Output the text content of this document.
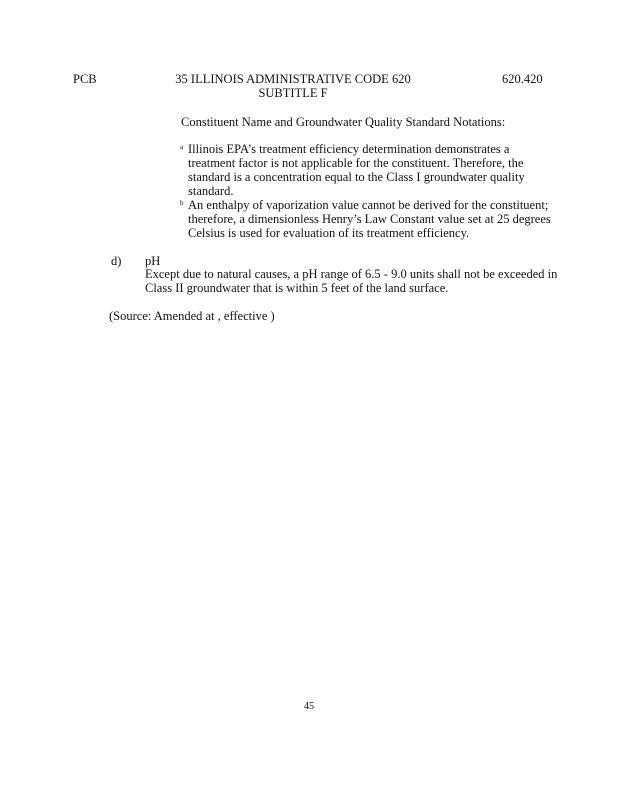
PCB	35 ILLINOIS ADMINISTRATIVE CODE 620
SUBTITLE F
620.420
Constituent Name and Groundwater Quality Standard Notations:
a Illinois EPA’s treatment efficiency determination demonstrates a
treatment factor is not applicable for the constituent. Therefore, the
standard is a concentration equal to the Class I groundwater quality
standard.
b An enthalpy of vaporization value cannot be derived for the constituent;
therefore, a dimensionless Henry’s Law Constant value set at 25 degrees
Celsius is used for evaluation of its treatment efficiency.
d) pH
Except due to natural causes, a pH range of 6.5 - 9.0 units shall not be exceeded in Class II groundwater that is within 5 feet of the land surface.
(Source: Amended at , effective )
45
